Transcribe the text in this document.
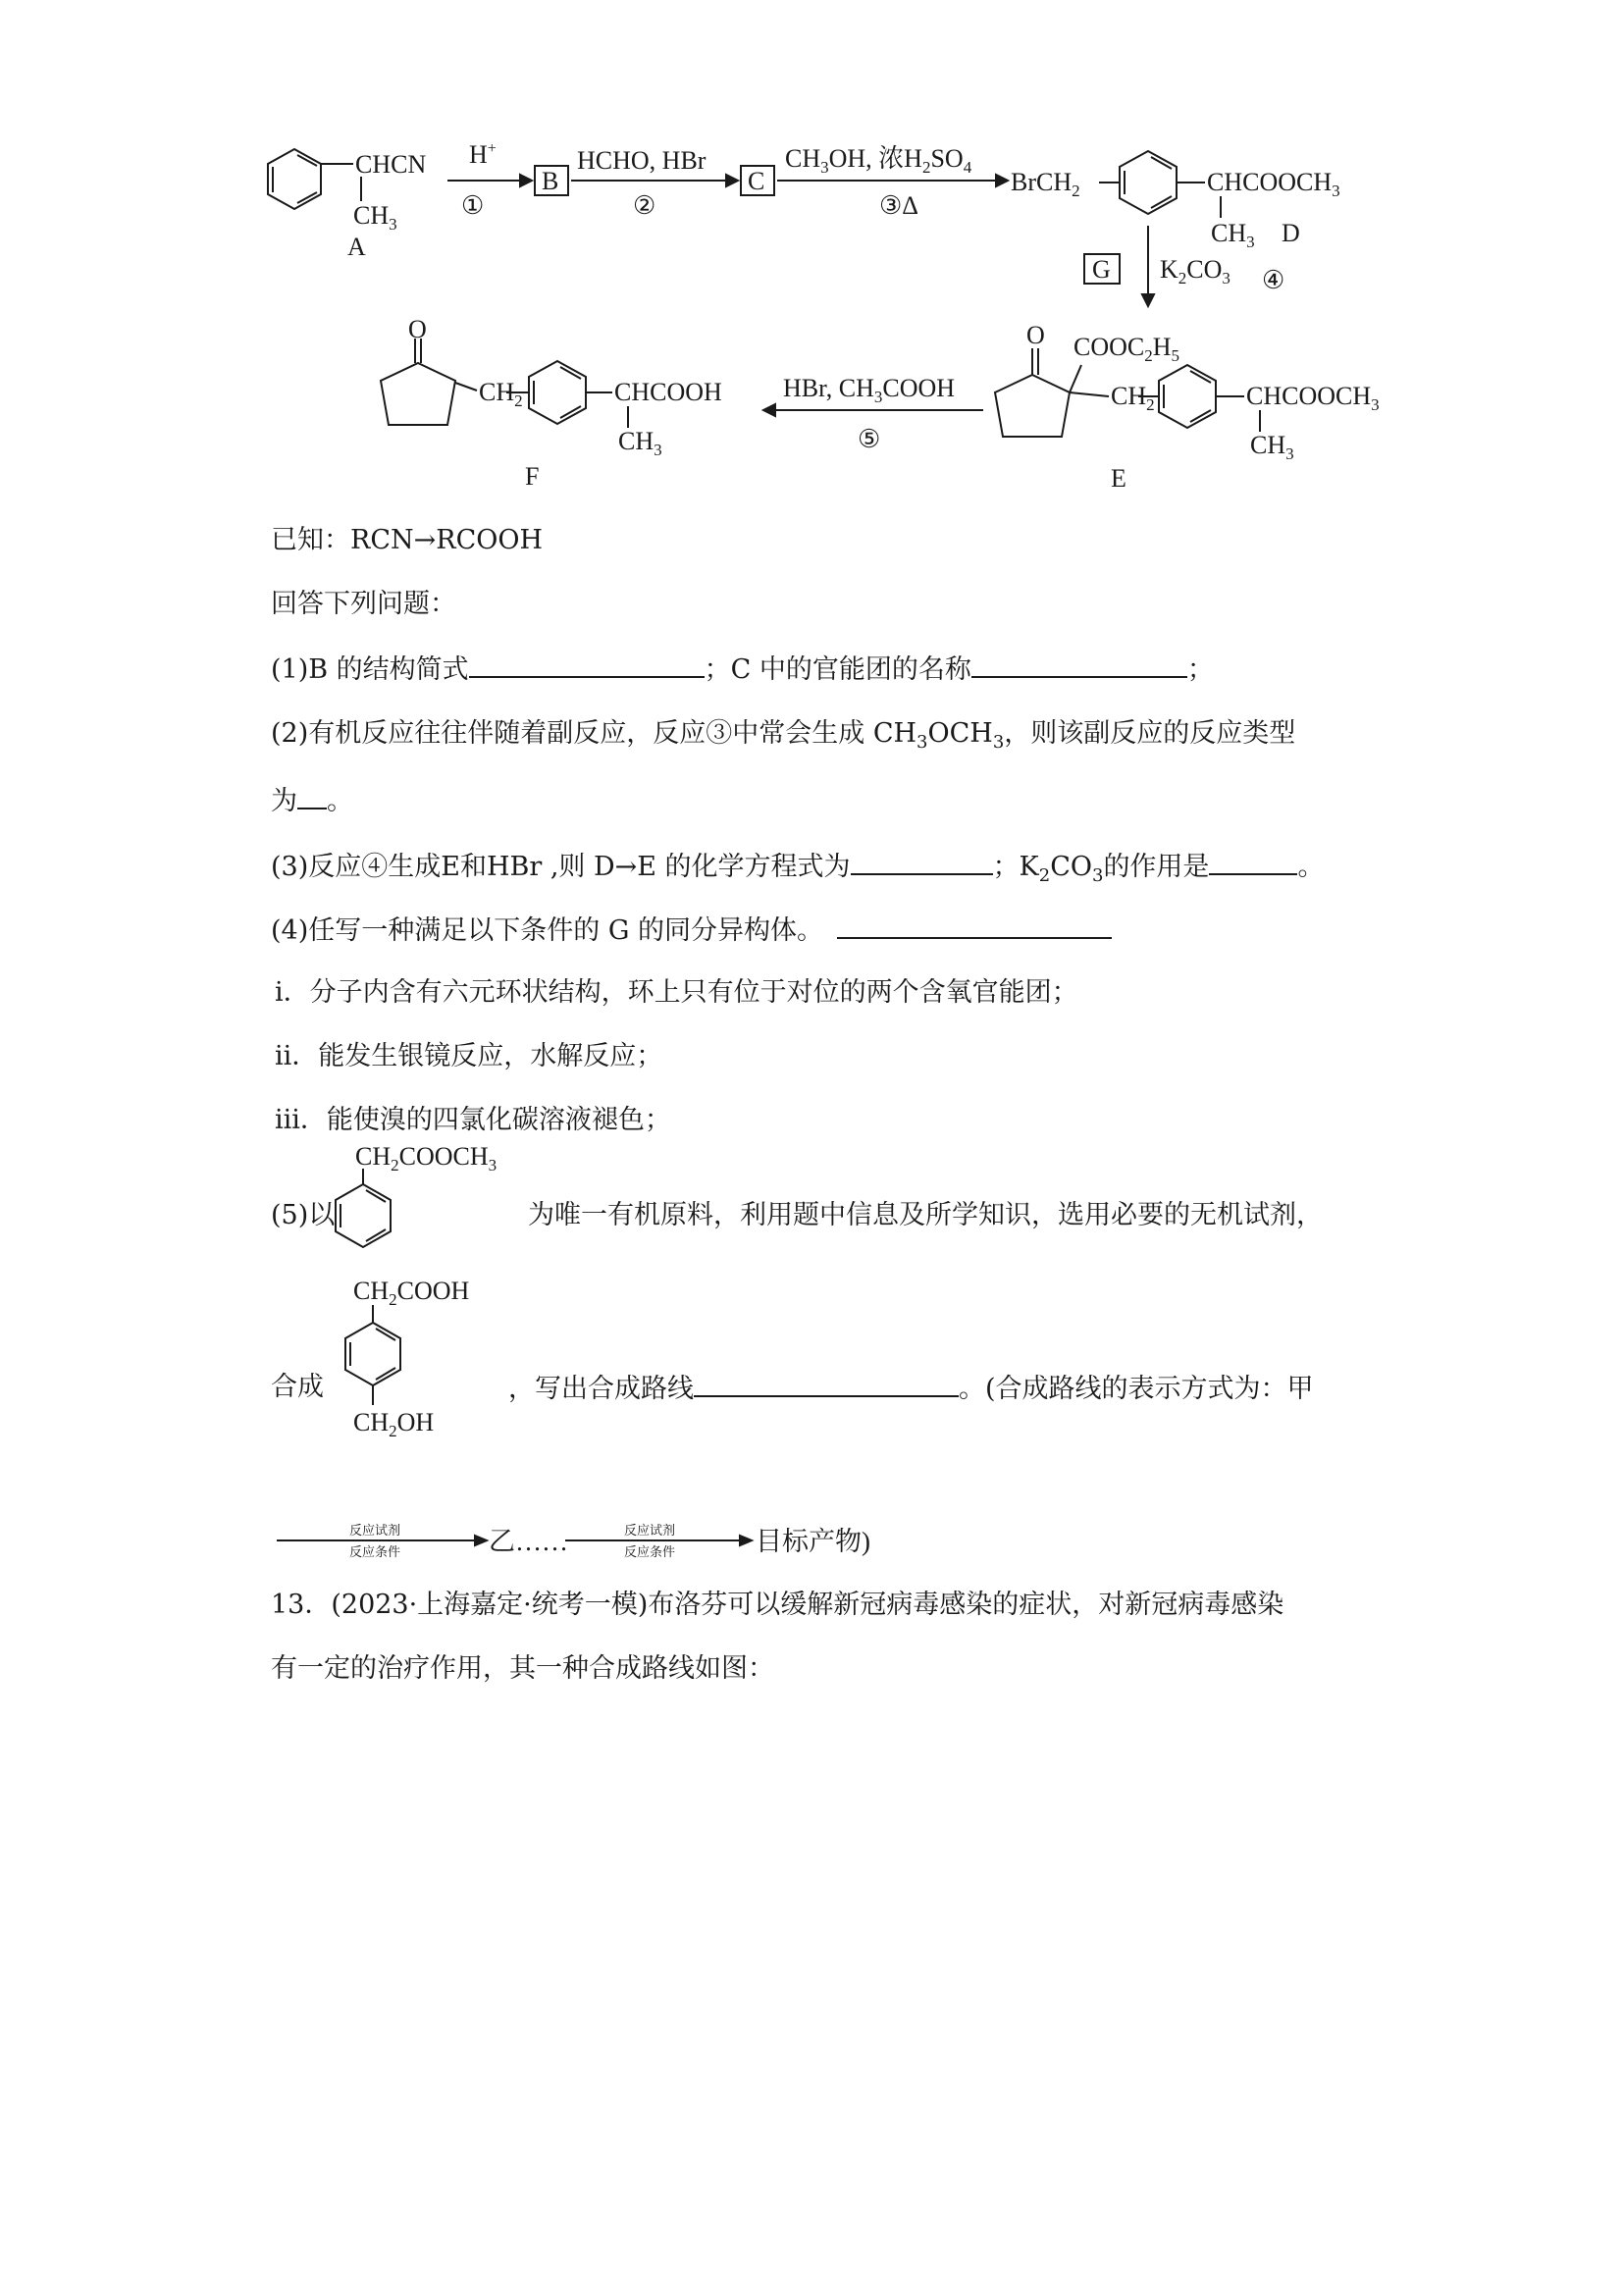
CHCN
$CH_3$
A
H+
①
B
HCHO, HBr
②
C
$CH_3OH$, 浓$H_2SO_4$
③Δ
BrCH$_2$	$CHCOOCH_3$
$CH_3$ D
G $K_2CO_3$ ④
O $COOC_2H_5$
$CH_2$	$CHCOOCH_3$
$CH_3$
E
HBr, $CH_3COOH$
⑤
O
$CH_2$	CHCOOH
$CH_3$
F
已知：RCN→RCOOH
回答下列问题：
(1)B 的结构简式	；C 中的官能团的名称	；
(2)有机反应往往伴随着副反应，反应③中常会生成 $CH_3OCH_3$，则该副反应的反应类型
为 。
(3)反应④生成E和HBr ,则 D→E 的化学方程式为	；$K_2CO_3$的作用是	。
(4)任写一种满足以下条件的 G 的同分异构体。
ⅰ．分子内含有六元环状结构，环上只有位于对位的两个含氧官能团；
ⅱ．能发生银镜反应，水解反应；
ⅲ．能使溴的四氯化碳溶液褪色；
$CH_2COOCH_3$
(5)以	为唯一有机原料，利用题中信息及所学知识，选用必要的无机试剂，
$CH_2COOH$
$CH_2OH$
合成	，写出合成路线	。(合成路线的表示方式为：甲
反应试剂
反应条件
反应试剂
反应条件
乙……	目标产物)
13．(2023·上海嘉定·统考一模)布洛芬可以缓解新冠病毒感染的症状，对新冠病毒感染
有一定的治疗作用，其一种合成路线如图：
